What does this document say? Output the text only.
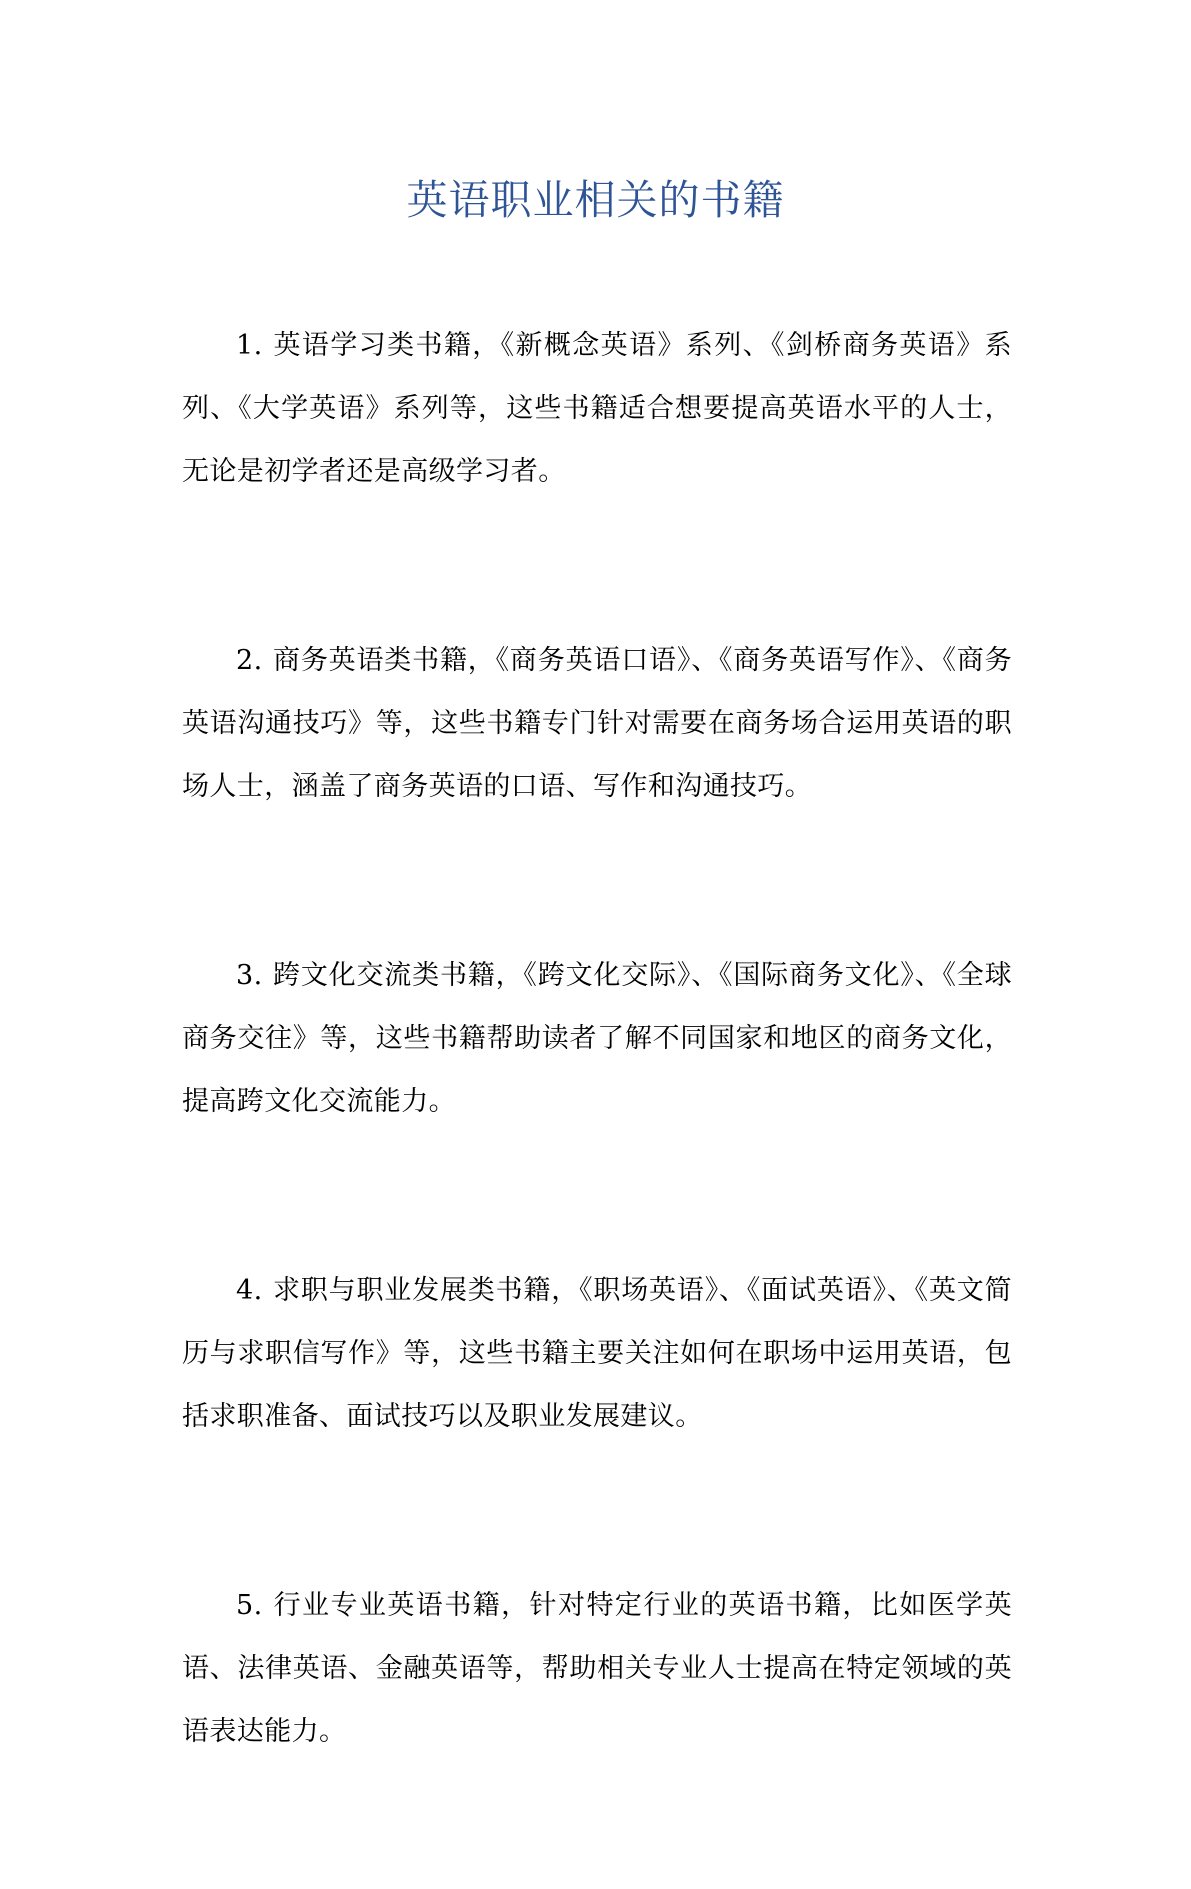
英语职业相关的书籍

1. 英语学习类书籍，《新概念英语》系列、《剑桥商务英语》系列、《大学英语》系列等，这些书籍适合想要提高英语水平的人士，无论是初学者还是高级学习者。

2. 商务英语类书籍，《商务英语口语》、《商务英语写作》、《商务英语沟通技巧》等，这些书籍专门针对需要在商务场合运用英语的职场人士，涵盖了商务英语的口语、写作和沟通技巧。

3. 跨文化交流类书籍，《跨文化交际》、《国际商务文化》、《全球商务交往》等，这些书籍帮助读者了解不同国家和地区的商务文化，提高跨文化交流能力。

4. 求职与职业发展类书籍，《职场英语》、《面试英语》、《英文简历与求职信写作》等，这些书籍主要关注如何在职场中运用英语，包括求职准备、面试技巧以及职业发展建议。

5. 行业专业英语书籍，针对特定行业的英语书籍，比如医学英语、法律英语、金融英语等，帮助相关专业人士提高在特定领域的英语表达能力。
